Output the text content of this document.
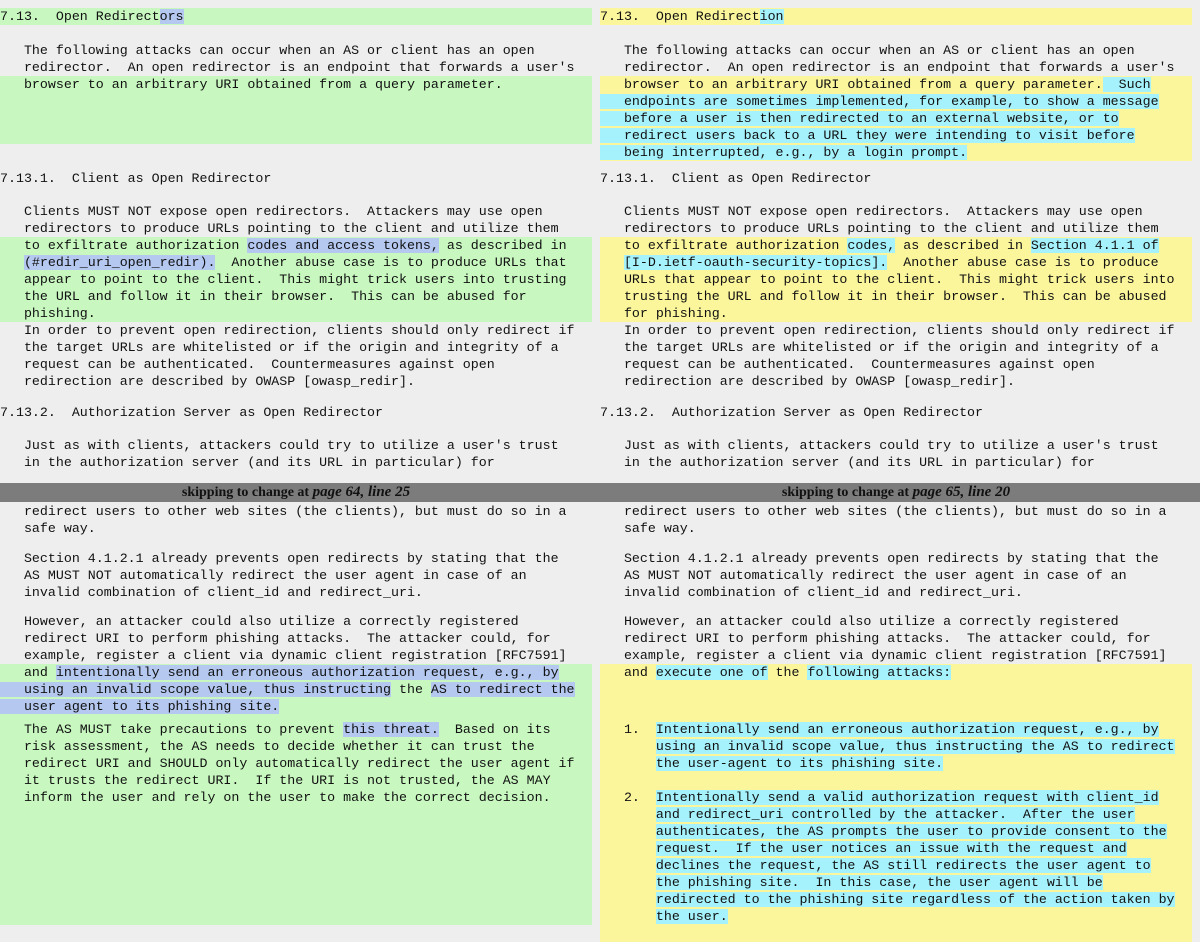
7.13.  Open Redirectors
The following attacks can occur when an AS or client has an open
redirector.  An open redirector is an endpoint that forwards a user's
browser to an arbitrary URI obtained from a query parameter.
7.13.1.  Client as Open Redirector
Clients MUST NOT expose open redirectors.  Attackers may use open
redirectors to produce URLs pointing to the client and utilize them
to exfiltrate authorization codes and access tokens, as described in
(#redir_uri_open_redir).  Another abuse case is to produce URLs that
appear to point to the client.  This might trick users into trusting
the URL and follow it in their browser.  This can be abused for
phishing.
In order to prevent open redirection, clients should only redirect if
the target URLs are whitelisted or if the origin and integrity of a
request can be authenticated.  Countermeasures against open
redirection are described by OWASP [owasp_redir].
7.13.2.  Authorization Server as Open Redirector
Just as with clients, attackers could try to utilize a user's trust
in the authorization server (and its URL in particular) for
redirect users to other web sites (the clients), but must do so in a
safe way.
Section 4.1.2.1 already prevents open redirects by stating that the
AS MUST NOT automatically redirect the user agent in case of an
invalid combination of client_id and redirect_uri.
However, an attacker could also utilize a correctly registered
redirect URI to perform phishing attacks.  The attacker could, for
example, register a client via dynamic client registration [RFC7591]
and intentionally send an erroneous authorization request, e.g., by
using an invalid scope value, thus instructing the AS to redirect the
user agent to its phishing site.
The AS MUST take precautions to prevent this threat.  Based on its
risk assessment, the AS needs to decide whether it can trust the
redirect URI and SHOULD only automatically redirect the user agent if
it trusts the redirect URI.  If the URI is not trusted, the AS MAY
inform the user and rely on the user to make the correct decision.
7.13.  Open Redirection
The following attacks can occur when an AS or client has an open
redirector.  An open redirector is an endpoint that forwards a user's
browser to an arbitrary URI obtained from a query parameter.  Such
endpoints are sometimes implemented, for example, to show a message
before a user is then redirected to an external website, or to
redirect users back to a URL they were intending to visit before
being interrupted, e.g., by a login prompt.
7.13.1.  Client as Open Redirector
Clients MUST NOT expose open redirectors.  Attackers may use open
redirectors to produce URLs pointing to the client and utilize them
to exfiltrate authorization codes, as described in Section 4.1.1 of
[I-D.ietf-oauth-security-topics].  Another abuse case is to produce
URLs that appear to point to the client.  This might trick users into
trusting the URL and follow it in their browser.  This can be abused
for phishing.
In order to prevent open redirection, clients should only redirect if
the target URLs are whitelisted or if the origin and integrity of a
request can be authenticated.  Countermeasures against open
redirection are described by OWASP [owasp_redir].
7.13.2.  Authorization Server as Open Redirector
Just as with clients, attackers could try to utilize a user's trust
in the authorization server (and its URL in particular) for
redirect users to other web sites (the clients), but must do so in a
safe way.
Section 4.1.2.1 already prevents open redirects by stating that the
AS MUST NOT automatically redirect the user agent in case of an
invalid combination of client_id and redirect_uri.
However, an attacker could also utilize a correctly registered
redirect URI to perform phishing attacks.  The attacker could, for
example, register a client via dynamic client registration [RFC7591]
and execute one of the following attacks:
1.  Intentionally send an erroneous authorization request, e.g., by
using an invalid scope value, thus instructing the AS to redirect
the user-agent to its phishing site.
2.  Intentionally send a valid authorization request with client_id
and redirect_uri controlled by the attacker.  After the user
authenticates, the AS prompts the user to provide consent to the
request.  If the user notices an issue with the request and
declines the request, the AS still redirects the user agent to
the phishing site.  In this case, the user agent will be
redirected to the phishing site regardless of the action taken by
the user.
skipping to change at page 64, line 25	skipping to change at page 65, line 20
